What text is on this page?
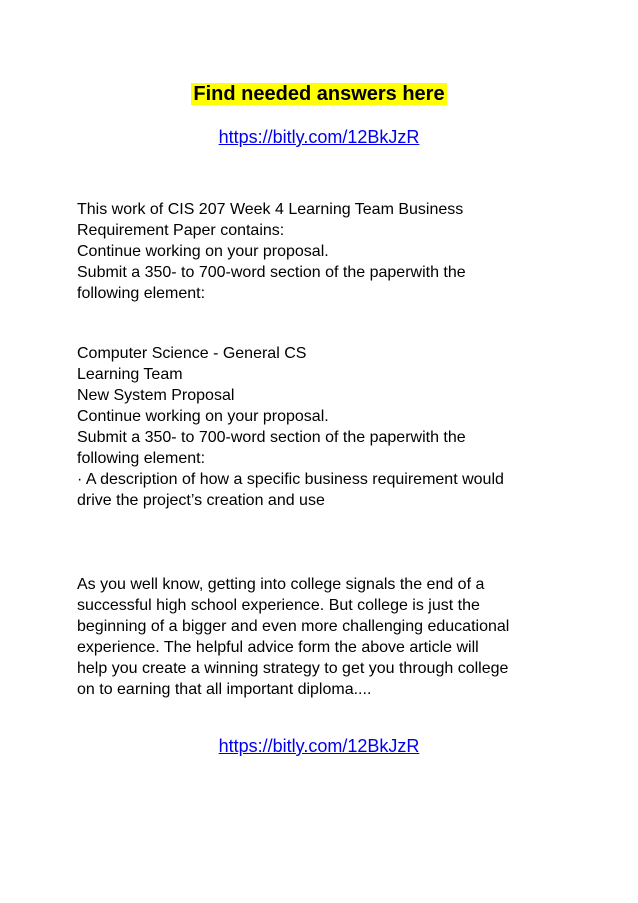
Find needed answers here
https://bitly.com/12BkJzR
This work of CIS 207 Week 4 Learning Team Business
Requirement Paper contains:
Continue working on your proposal.
Submit a 350- to 700-word section of the paperwith the
following element:
Computer Science - General CS
Learning Team
New System Proposal
Continue working on your proposal.
Submit a 350- to 700-word section of the paperwith the
following element:
· A description of how a specific business requirement would
drive the project’s creation and use
As you well know, getting into college signals the end of a
successful high school experience. But college is just the
beginning of a bigger and even more challenging educational
experience. The helpful advice form the above article will
help you create a winning strategy to get you through college
on to earning that all important diploma....
https://bitly.com/12BkJzR
